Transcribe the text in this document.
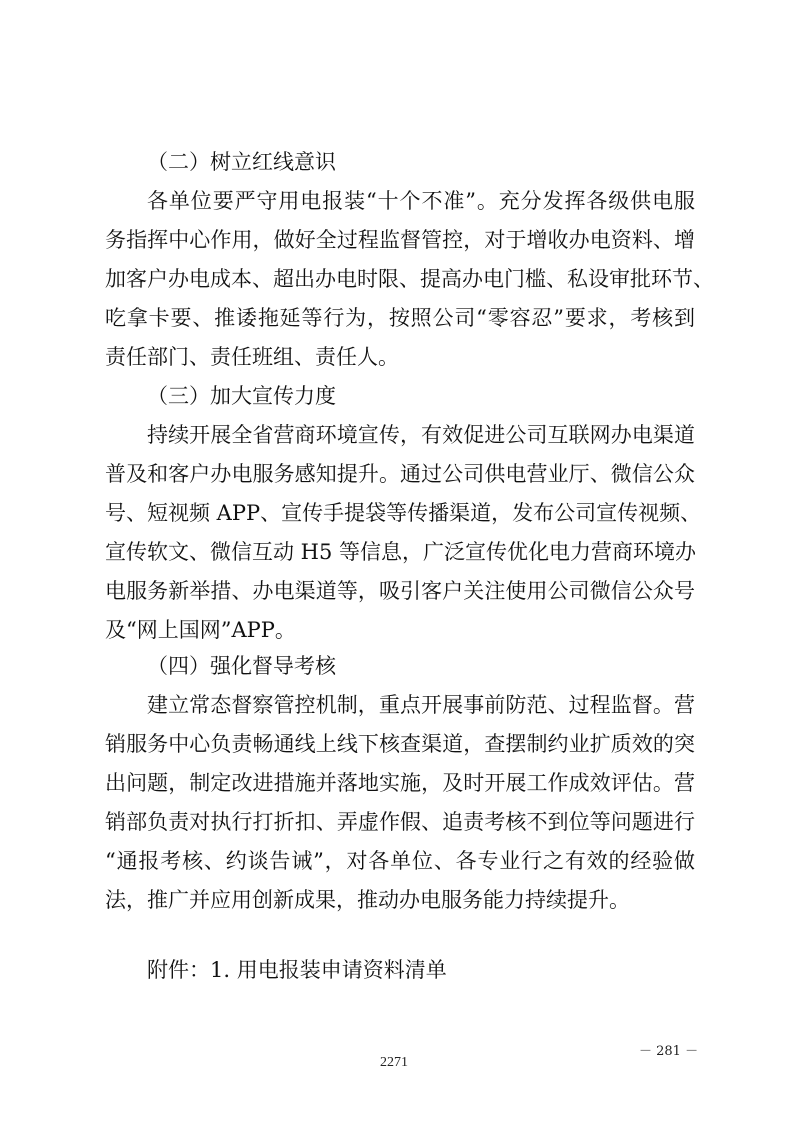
（二）树立红线意识
各单位要严守用电报装“十个不准”。充分发挥各级供电服
务指挥中心作用，做好全过程监督管控，对于增收办电资料、增
加客户办电成本、超出办电时限、提高办电门槛、私设审批环节、
吃拿卡要、推诿拖延等行为，按照公司“零容忍”要求，考核到
责任部门、责任班组、责任人。
（三）加大宣传力度
持续开展全省营商环境宣传，有效促进公司互联网办电渠道
普及和客户办电服务感知提升。通过公司供电营业厅、微信公众
号、短视频 APP、宣传手提袋等传播渠道，发布公司宣传视频、
宣传软文、微信互动 H5 等信息，广泛宣传优化电力营商环境办
电服务新举措、办电渠道等，吸引客户关注使用公司微信公众号
及“网上国网”APP。
（四）强化督导考核
建立常态督察管控机制，重点开展事前防范、过程监督。营
销服务中心负责畅通线上线下核查渠道，查摆制约业扩质效的突
出问题，制定改进措施并落地实施，及时开展工作成效评估。营
销部负责对执行打折扣、弄虚作假、追责考核不到位等问题进行
“通报考核、约谈告诫”，对各单位、各专业行之有效的经验做
法，推广并应用创新成果，推动办电服务能力持续提升。
附件：1. 用电报装申请资料清单
－ 281 －
2271
